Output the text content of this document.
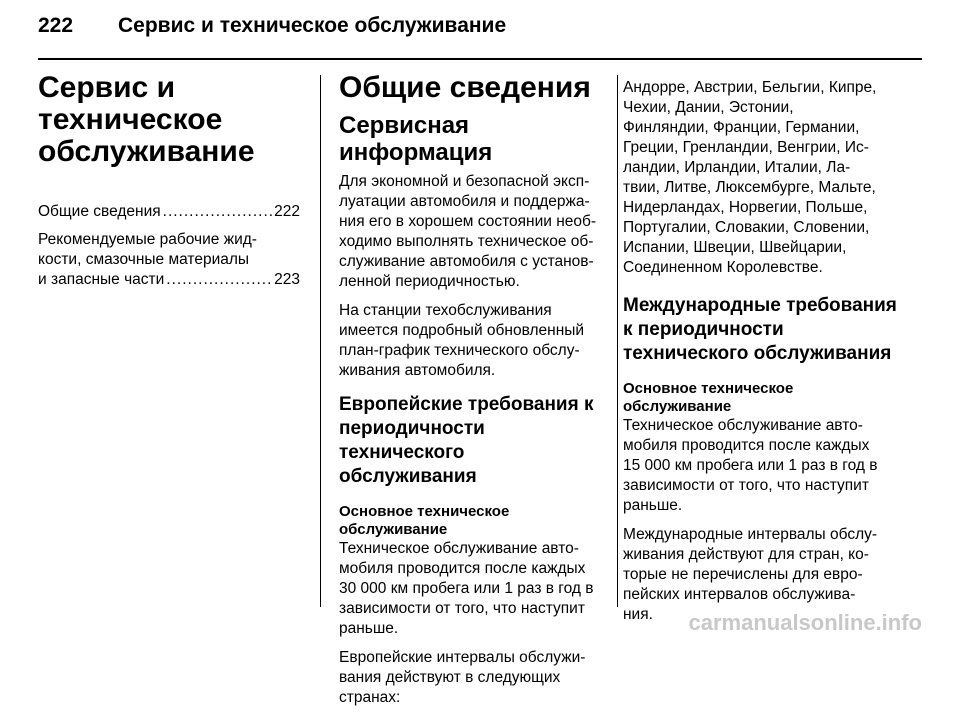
222 Сервис и техническое обслуживание
Сервис и
техническое
обслуживание
Общие сведения .....	222
Рекомендуемые рабочие жид-
кости, смазочные материалы
и запасные части .....	223
Общие сведения
Сервисная информация

Для экономной и безопасной эксп-
луатации автомобиля и поддержа-
ния его в хорошем состоянии необ-
ходимо выполнять техническое об-
служивание автомобиля с установ-
ленной периодичностью.

На станции техобслуживания
имеется подробный обновленный
план-график технического обслу-
живания автомобиля.

Европейские требования к
периодичности технического
обслуживания
Основное техническое
обслуживание

Техническое обслуживание авто-
мобиля проводится после каждых
30 000 км пробега или 1 раз в год в
зависимости от того, что наступит
раньше.

Европейские интервалы обслужи-
вания действуют в следующих
странах:

Андорре, Австрии, Бельгии, Кипре,
Чехии, Дании, Эстонии,
Финляндии, Франции, Германии,
Греции, Гренландии, Венгрии, Ис-
ландии, Ирландии, Италии, Ла-
твии, Литве, Люксембурге, Мальте,
Нидерландах, Норвегии, Польше,
Португалии, Словакии, Словении,
Испании, Швеции, Швейцарии,
Соединенном Королевстве.

Международные требования
к периодичности
технического обслуживания
Основное техническое
обслуживание

Техническое обслуживание авто-
мобиля проводится после каждых
15 000 км пробега или 1 раз в год в
зависимости от того, что наступит
раньше.

Международные интервалы обслу-
живания действуют для стран, ко-
торые не перечислены для евро-
пейских интервалов обслужива-
ния.	carmanualsonline.info
